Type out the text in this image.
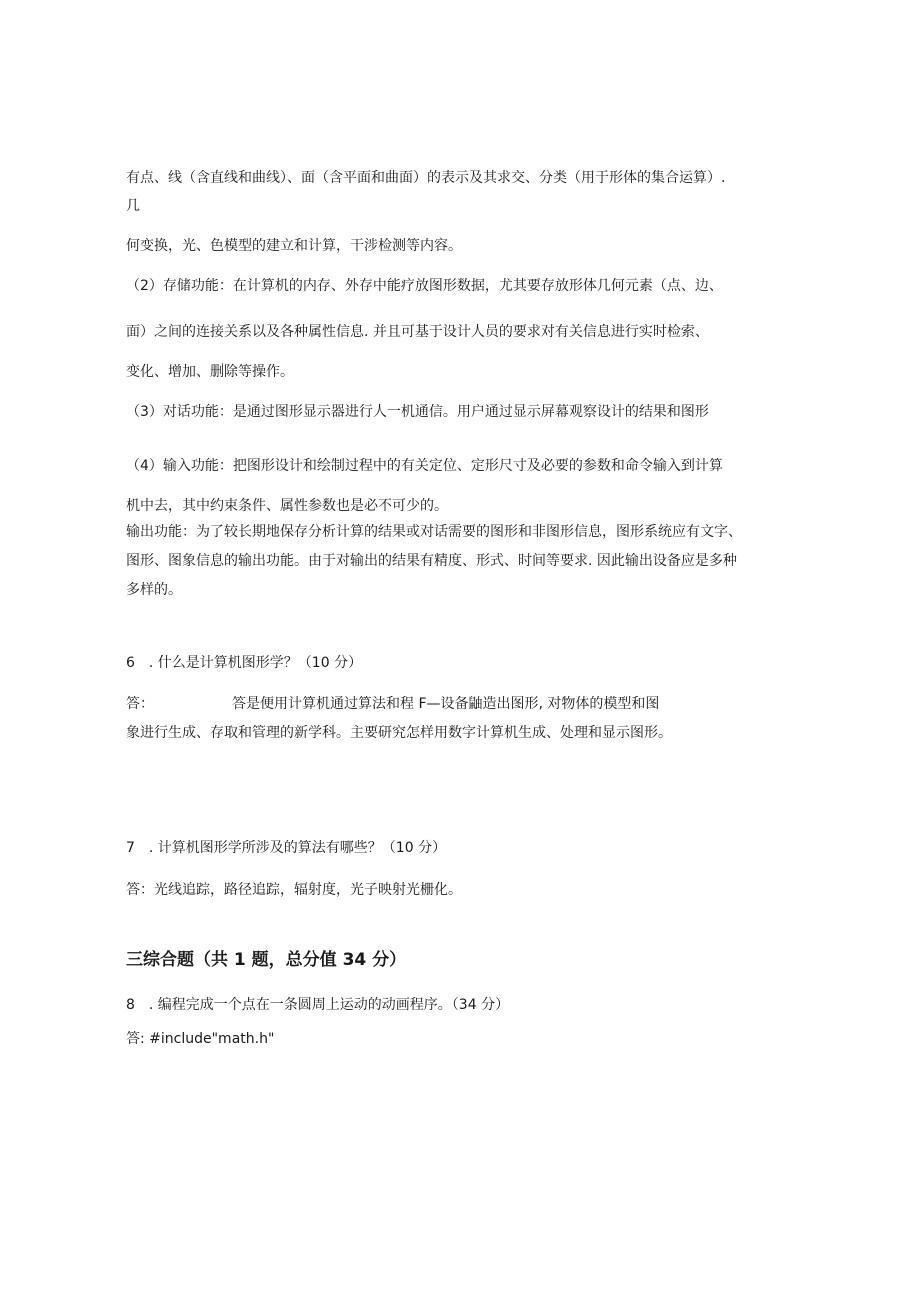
有点、线（含直线和曲线）、面（含平面和曲面）的表示及其求交、分类（用于形体的集合运算）.
几
何变换，光、色模型的建立和计算，干涉检测等内容。
（2）存储功能：在计算机的内存、外存中能疗放图形数据，尤其要存放形体几何元素（点、边、
面）之间的连接关系以及各种属性信息. 并且可基于设计人员的要求对有关信息进行实时检索、
变化、增加、删除等操作。
（3）对话功能：是通过图形显示器进行人一机通信。用户通过显示屏幕观察设计的结果和图形
（4）输入功能：把图形设计和绘制过程中的有关定位、定形尺寸及必要的参数和命令输入到计算
机中去，其中约束条件、属性参数也是必不可少的。
输出功能：为了较长期地保存分析计算的结果或对话需要的图形和非图形信息，图形系统应有文字、
图形、图象信息的输出功能。由于对输出的结果有精度、形式、时间等要求. 因此输出设备应是多种
多样的。
6　. 什么是计算机图形学？（10 分）
答：	答是便用计算机通过算法和程 F—设备鼬造出图形, 对物体的模型和图
象进行生成、存取和管理的新学科。主要研究怎样用数字计算机生成、处理和显示图形。
7　. 计算机图形学所涉及的算法有哪些？（10 分）
答：光线追踪，路径追踪，辐射度，光子映射光栅化。
三综合题（共 1 题，总分值 34 分）
8　. 编程完成一个点在一条圆周上运动的动画程序。（34 分）
答: #include"math.h"
